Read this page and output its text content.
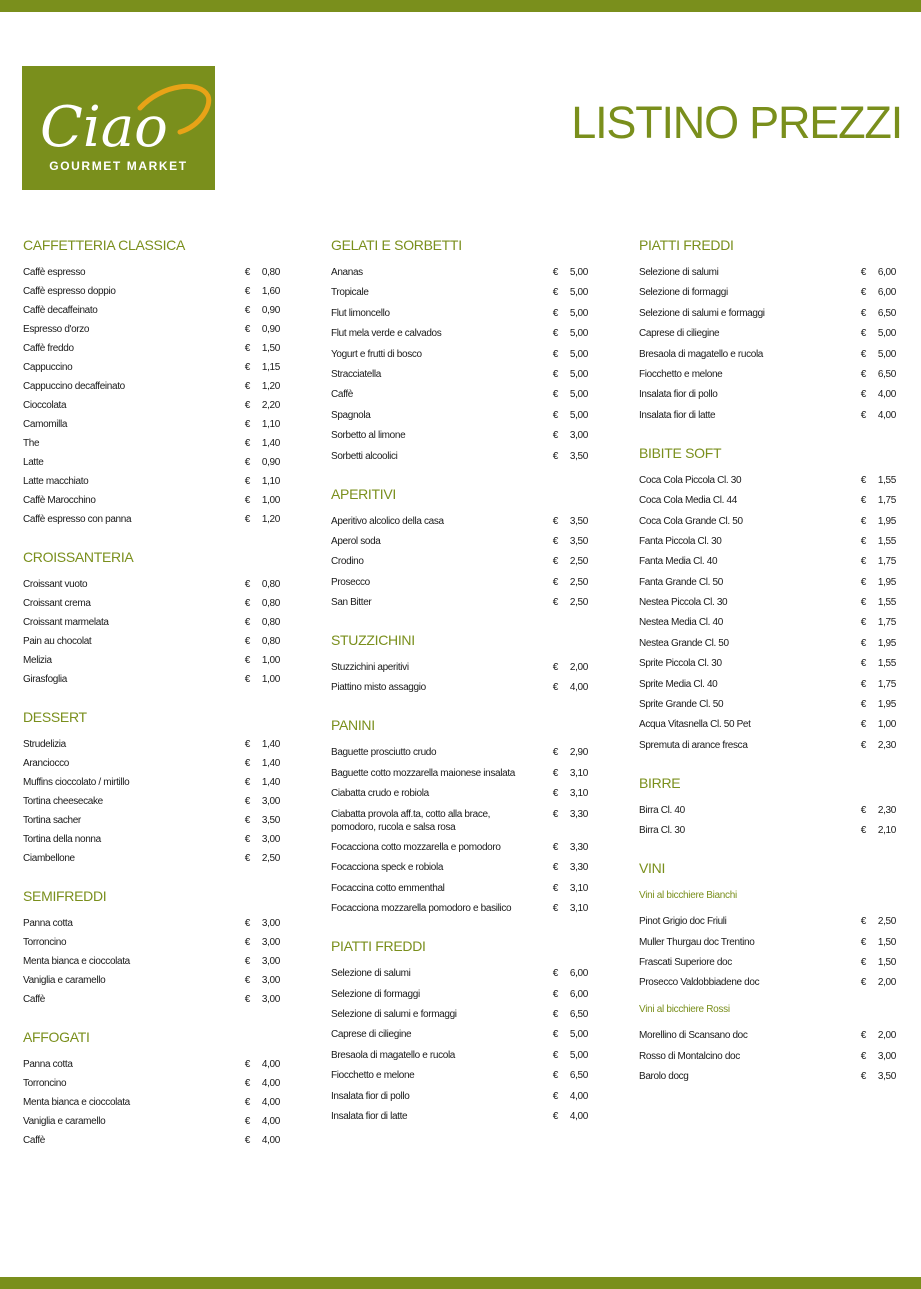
Ciao
GOURMET MARKET
LISTINO PREZZI
CAFFETTERIA CLASSICA
Caffè espresso	€	0,80
Caffè espresso doppio	€	1,60
Caffè decaffeinato	€	0,90
Espresso d'orzo	€	0,90
Caffè freddo	€	1,50
Cappuccino	€	1,15
Cappuccino decaffeinato	€	1,20
Cioccolata	€	2,20
Camomilla	€	1,10
The	€	1,40
Latte	€	0,90
Latte macchiato	€	1,10
Caffè Marocchino	€	1,00
Caffè espresso con panna	€	1,20
CROISSANTERIA
Croissant vuoto	€	0,80
Croissant crema	€	0,80
Croissant marmelata	€	0,80
Pain au chocolat	€	0,80
Melizia	€	1,00
Girasfoglia	€	1,00
DESSERT
Strudelizia	€	1,40
Aranciocco	€	1,40
Muffins cioccolato / mirtillo	€	1,40
Tortina cheesecake	€	3,00
Tortina sacher	€	3,50
Tortina della nonna	€	3,00
Ciambellone	€	2,50
SEMIFREDDI
Panna cotta	€	3,00
Torroncino	€	3,00
Menta bianca e cioccolata	€	3,00
Vaniglia e caramello	€	3,00
Caffè	€	3,00
AFFOGATI
Panna cotta	€	4,00
Torroncino	€	4,00
Menta bianca e cioccolata	€	4,00
Vaniglia e caramello	€	4,00
Caffè	€	4,00
GELATI E SORBETTI
Ananas	€	5,00
Tropicale	€	5,00
Flut limoncello	€	5,00
Flut mela verde e calvados	€	5,00
Yogurt e frutti di bosco	€	5,00
Stracciatella	€	5,00
Caffè	€	5,00
Spagnola	€	5,00
Sorbetto al limone	€	3,00
Sorbetti alcoolici	€	3,50
APERITIVI
Aperitivo alcolico della casa	€	3,50
Aperol soda	€	3,50
Crodino	€	2,50
Prosecco	€	2,50
San Bitter	€	2,50
STUZZICHINI
Stuzzichini aperitivi	€	2,00
Piattino misto assaggio	€	4,00
PANINI
Baguette prosciutto crudo	€	2,90
Baguette cotto mozzarella maionese insalata	€	3,10
Ciabatta crudo e robiola	€	3,10
Ciabatta provola aff.ta, cotto alla brace, pomodoro, rucola e salsa rosa
€	3,30
Focacciona cotto mozzarella e pomodoro	€	3,30
Focacciona speck e robiola	€	3,30
Focaccina cotto emmenthal	€	3,10
Focacciona mozzarella pomodoro e basilico	€	3,10
PIATTI FREDDI
Selezione di salumi	€	6,00
Selezione di formaggi	€	6,00
Selezione di salumi e formaggi	€	6,50
Caprese di ciliegine	€	5,00
Bresaola di magatello e rucola	€	5,00
Fiocchetto e melone	€	6,50
Insalata fior di pollo	€	4,00
Insalata fior di latte	€	4,00
PIATTI FREDDI
Selezione di salumi	€	6,00
Selezione di formaggi	€	6,00
Selezione di salumi e formaggi	€	6,50
Caprese di ciliegine	€	5,00
Bresaola di magatello e rucola	€	5,00
Fiocchetto e melone	€	6,50
Insalata fior di pollo	€	4,00
Insalata fior di latte	€	4,00
BIBITE SOFT
Coca Cola Piccola Cl. 30	€	1,55
Coca Cola Media Cl. 44	€	1,75
Coca Cola Grande Cl. 50	€	1,95
Fanta Piccola Cl. 30	€	1,55
Fanta Media Cl. 40	€	1,75
Fanta Grande Cl. 50	€	1,95
Nestea Piccola Cl. 30	€	1,55
Nestea Media Cl. 40	€	1,75
Nestea Grande Cl. 50	€	1,95
Sprite Piccola Cl. 30	€	1,55
Sprite Media Cl. 40	€	1,75
Sprite Grande Cl. 50	€	1,95
Acqua Vitasnella Cl. 50 Pet	€	1,00
Spremuta di arance fresca	€	2,30
BIRRE
Birra Cl. 40	€	2,30
Birra Cl. 30	€	2,10
VINI
Vini al bicchiere Bianchi
Pinot Grigio doc Friuli	€	2,50
Muller Thurgau doc Trentino	€	1,50
Frascati Superiore doc	€	1,50
Prosecco Valdobbiadene doc	€	2,00
Vini al bicchiere Rossi
Morellino di Scansano doc	€	2,00
Rosso di Montalcino doc	€	3,00
Barolo docg	€	3,50
